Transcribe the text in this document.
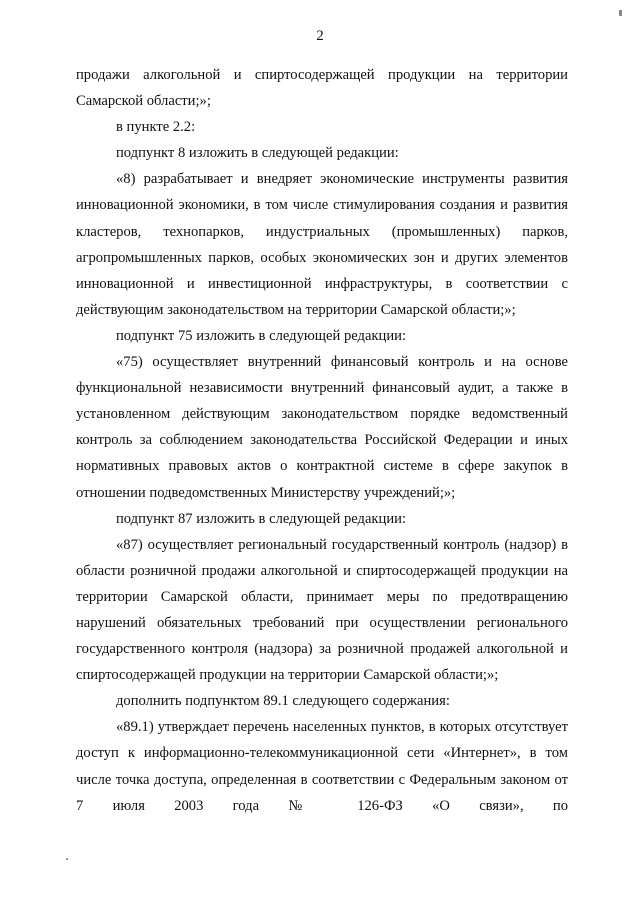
2

продажи алкогольной и спиртосодержащей продукции на территории Самарской области;»;

в пункте 2.2:

подпункт 8 изложить в следующей редакции:

«8) разрабатывает и внедряет экономические инструменты развития инновационной экономики, в том числе стимулирования создания и развития кластеров, технопарков, индустриальных (промышленных) парков, агропромышленных парков, особых экономических зон и других элементов инновационной и инвестиционной инфраструктуры, в соответствии с действующим законодательством на территории Самарской области;»;

подпункт 75 изложить в следующей редакции:

«75) осуществляет внутренний финансовый контроль и на основе функциональной независимости внутренний финансовый аудит, а также в установленном действующим законодательством порядке ведомственный контроль за соблюдением законодательства Российской Федерации и иных нормативных правовых актов о контрактной системе в сфере закупок в отношении подведомственных Министерству учреждений;»;

подпункт 87 изложить в следующей редакции:

«87) осуществляет региональный государственный контроль (надзор) в области розничной продажи алкогольной и спиртосодержащей продукции на территории Самарской области, принимает меры по предотвращению нарушений обязательных требований при осуществлении регионального государственного контроля (надзора) за розничной продажей алкогольной и спиртосодержащей продукции на территории Самарской области;»;

дополнить подпунктом 89.1 следующего содержания:

«89.1) утверждает перечень населенных пунктов, в которых отсутствует доступ к информационно-телекоммуникационной сети «Интернет», в том числе точка доступа, определенная в соответствии с Федеральным законом от 7 июля 2003 года № 126-ФЗ «О связи», по
